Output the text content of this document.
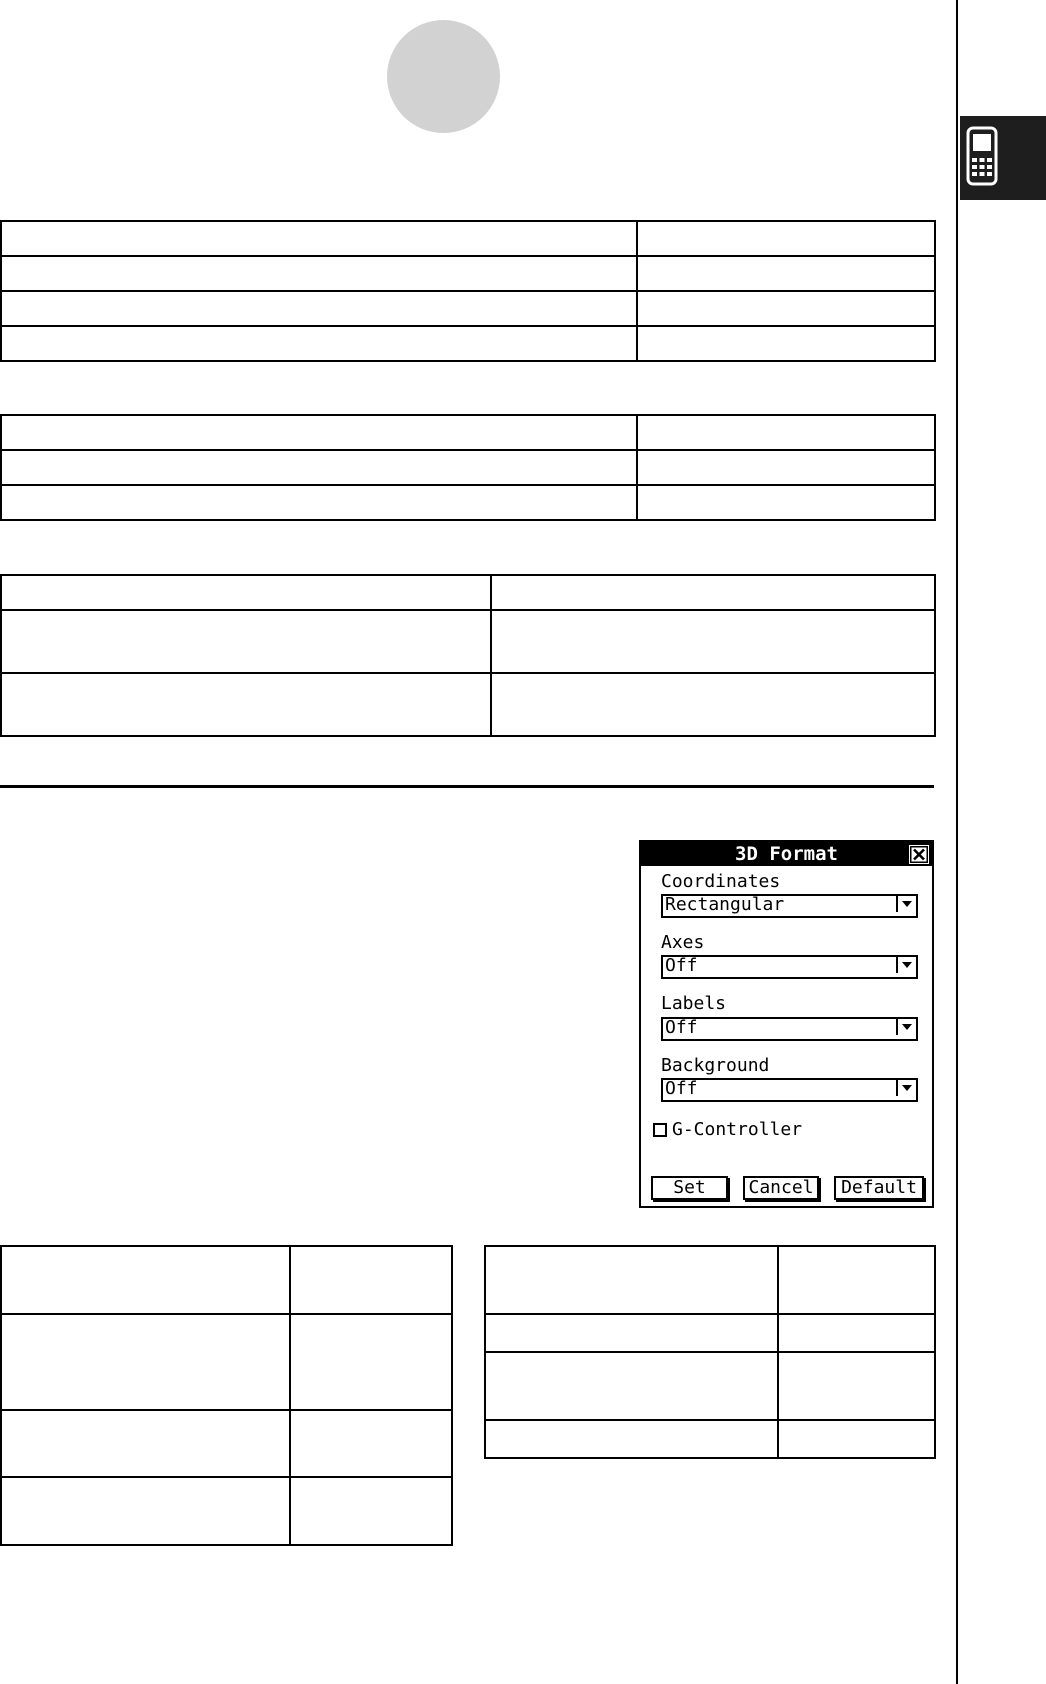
3D Format
Coordinates
Rectangular
Axes
Off
Labels
Off
Background
Off
G-Controller
Set	Cancel	Default
